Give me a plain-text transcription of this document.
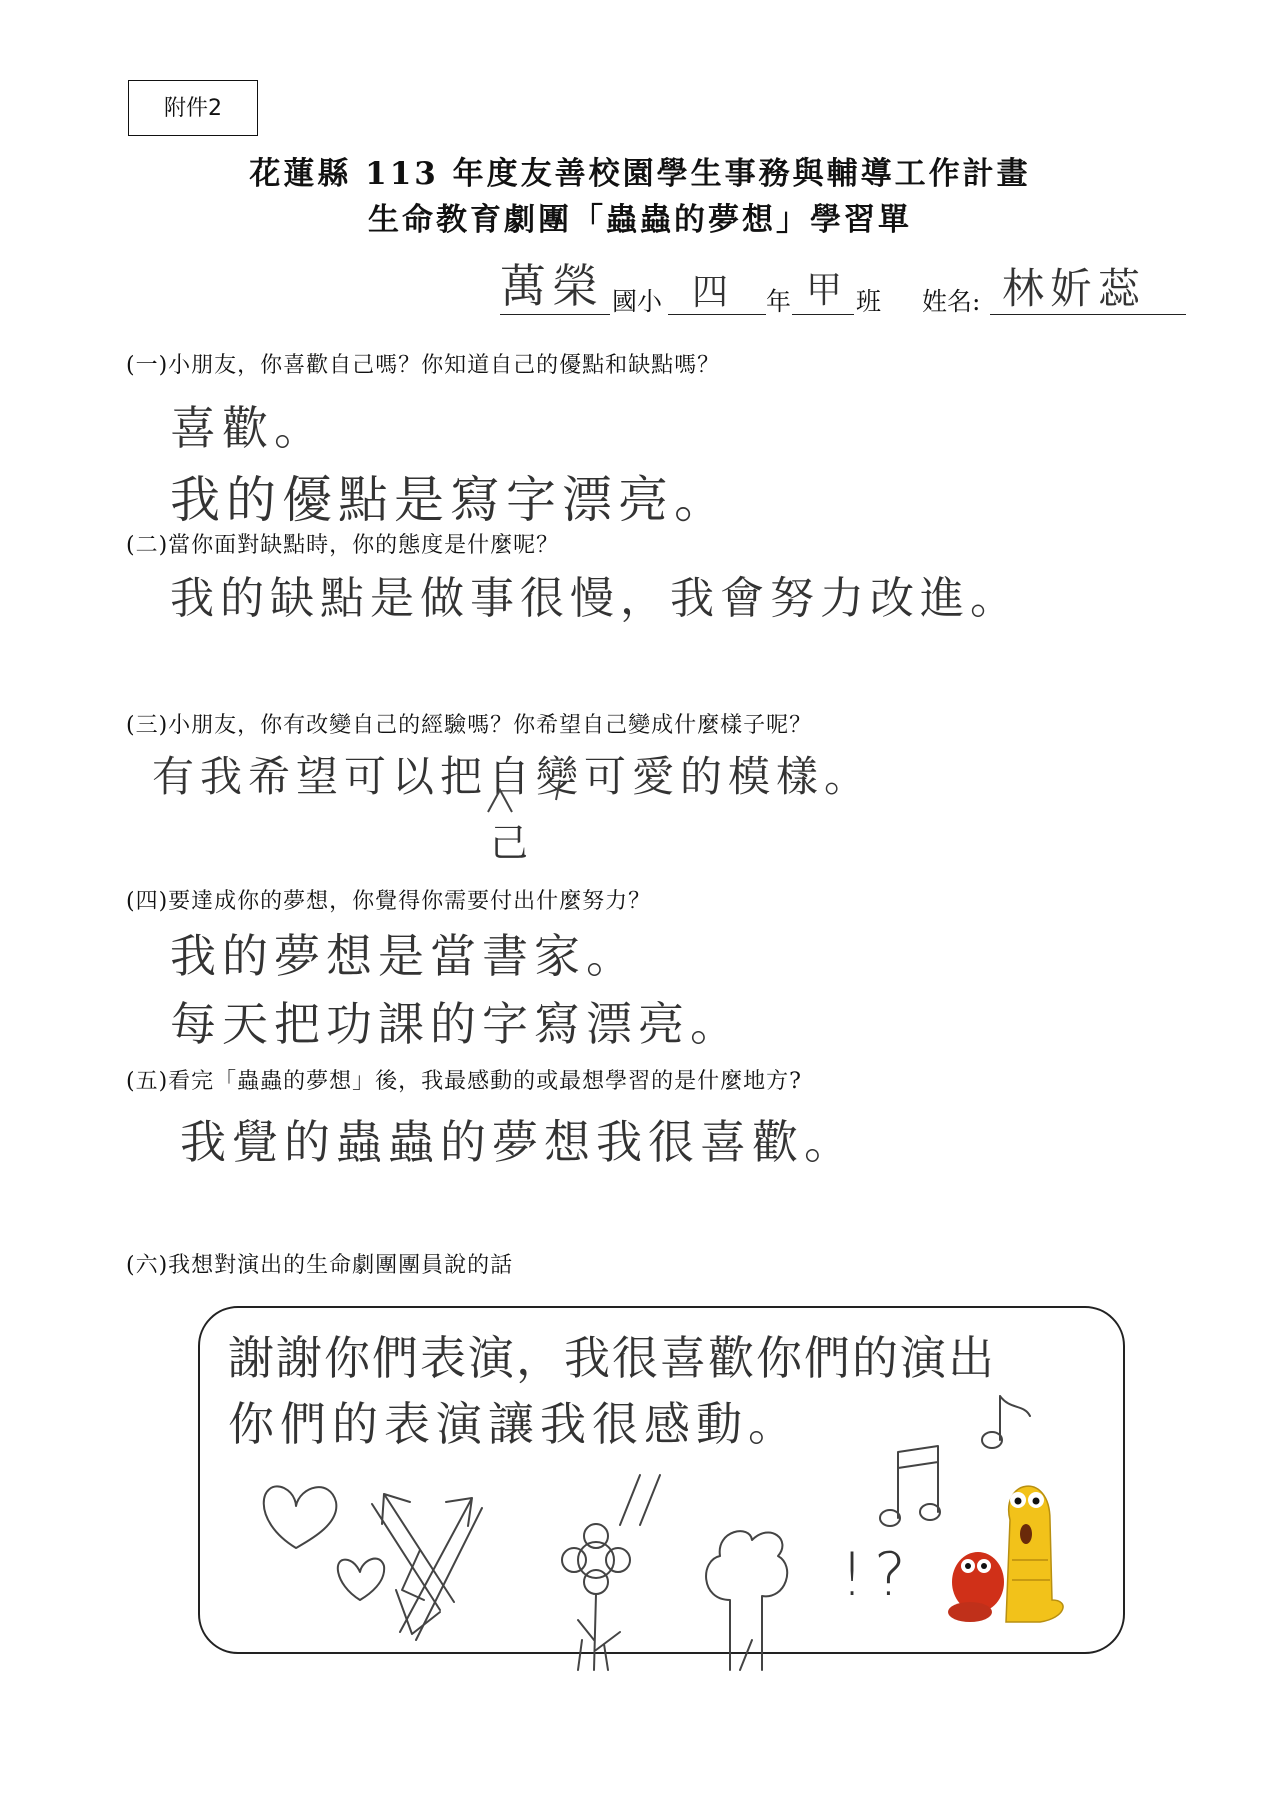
附件2
花蓮縣 113 年度友善校園學生事務與輔導工作計畫
生命教育劇團「蟲蟲的夢想」學習單
萬榮 國小 四 年 甲 班 姓名: 林妡蕊
(一)小朋友，你喜歡自己嗎？你知道自己的優點和缺點嗎？
喜歡。
我的優點是寫字漂亮。
(二)當你面對缺點時，你的態度是什麼呢？
我的缺點是做事很慢，我會努力改進。
(三)小朋友，你有改變自己的經驗嗎？你希望自己變成什麼樣子呢？
有我希望可以把自變可愛的模樣。
己
(四)要達成你的夢想，你覺得你需要付出什麼努力？
我的夢想是當書家。
每天把功課的字寫漂亮。
(五)看完「蟲蟲的夢想」後，我最感動的或最想學習的是什麼地方?
我覺的蟲蟲的夢想我很喜歡。
(六)我想對演出的生命劇團團員說的話
謝謝你們表演，我很喜歡你們的演出
你們的表演讓我很感動。
!?
